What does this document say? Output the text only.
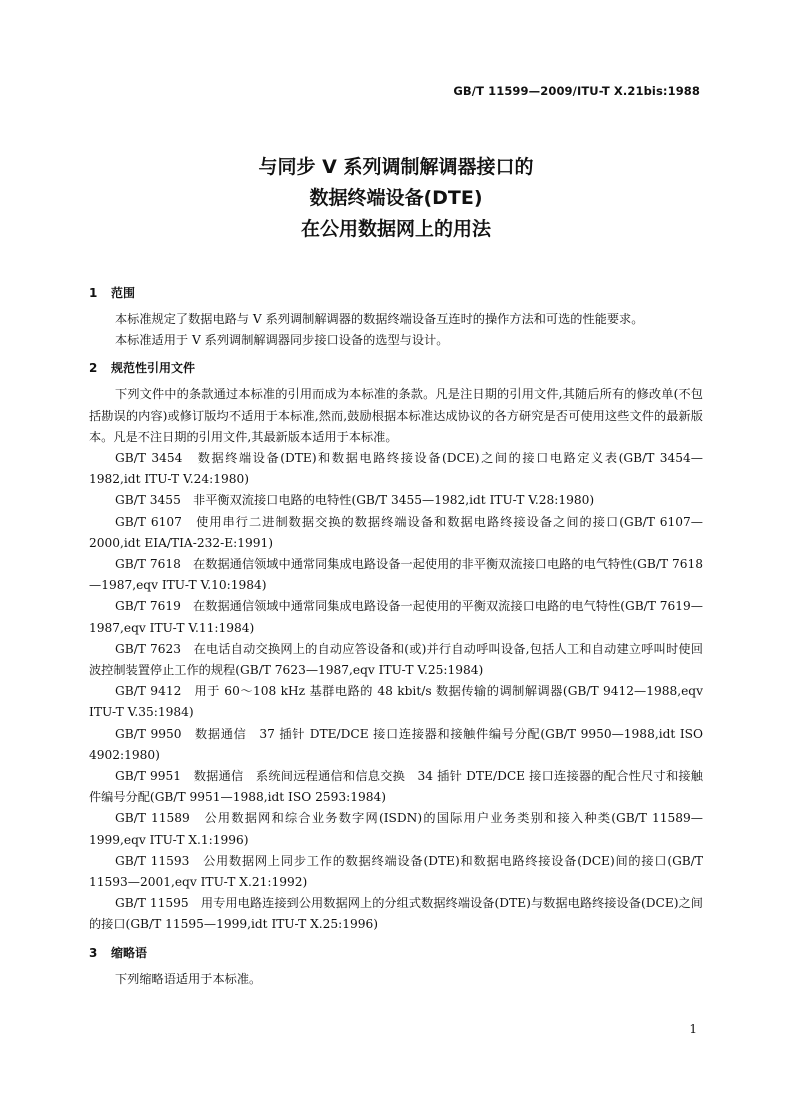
GB/T 11599—2009/ITU-T X.21bis:1988
与同步 V 系列调制解调器接口的
数据终端设备(DTE)
在公用数据网上的用法
1 范围
本标准规定了数据电路与 V 系列调制解调器的数据终端设备互连时的操作方法和可选的性能要求。
本标准适用于 V 系列调制解调器同步接口设备的选型与设计。
2 规范性引用文件
下列文件中的条款通过本标准的引用而成为本标准的条款。凡是注日期的引用文件,其随后所有的修改单(不包括勘误的内容)或修订版均不适用于本标准,然而,鼓励根据本标准达成协议的各方研究是否可使用这些文件的最新版本。凡是不注日期的引用文件,其最新版本适用于本标准。
GB/T 3454　数据终端设备(DTE)和数据电路终接设备(DCE)之间的接口电路定义表(GB/T 3454—1982,idt ITU-T V.24:1980)
GB/T 3455　非平衡双流接口电路的电特性(GB/T 3455—1982,idt ITU-T V.28:1980)
GB/T 6107　使用串行二进制数据交换的数据终端设备和数据电路终接设备之间的接口(GB/T 6107—2000,idt EIA/TIA-232-E:1991)
GB/T 7618　在数据通信领域中通常同集成电路设备一起使用的非平衡双流接口电路的电气特性(GB/T 7618—1987,eqv ITU-T V.10:1984)
GB/T 7619　在数据通信领域中通常同集成电路设备一起使用的平衡双流接口电路的电气特性(GB/T 7619—1987,eqv ITU-T V.11:1984)
GB/T 7623　在电话自动交换网上的自动应答设备和(或)并行自动呼叫设备,包括人工和自动建立呼叫时使回波控制装置停止工作的规程(GB/T 7623—1987,eqv ITU-T V.25:1984)
GB/T 9412　用于 60～108 kHz 基群电路的 48 kbit/s 数据传输的调制解调器(GB/T 9412—1988,eqv ITU-T V.35:1984)
GB/T 9950　数据通信　37 插针 DTE/DCE 接口连接器和接触件编号分配(GB/T 9950—1988,idt ISO 4902:1980)
GB/T 9951　数据通信　系统间远程通信和信息交换　34 插针 DTE/DCE 接口连接器的配合性尺寸和接触件编号分配(GB/T 9951—1988,idt ISO 2593:1984)
GB/T 11589　公用数据网和综合业务数字网(ISDN)的国际用户业务类别和接入种类(GB/T 11589—1999,eqv ITU-T X.1:1996)
GB/T 11593　公用数据网上同步工作的数据终端设备(DTE)和数据电路终接设备(DCE)间的接口(GB/T 11593—2001,eqv ITU-T X.21:1992)
GB/T 11595　用专用电路连接到公用数据网上的分组式数据终端设备(DTE)与数据电路终接设备(DCE)之间的接口(GB/T 11595—1999,idt ITU-T X.25:1996)
3 缩略语
下列缩略语适用于本标准。
1
